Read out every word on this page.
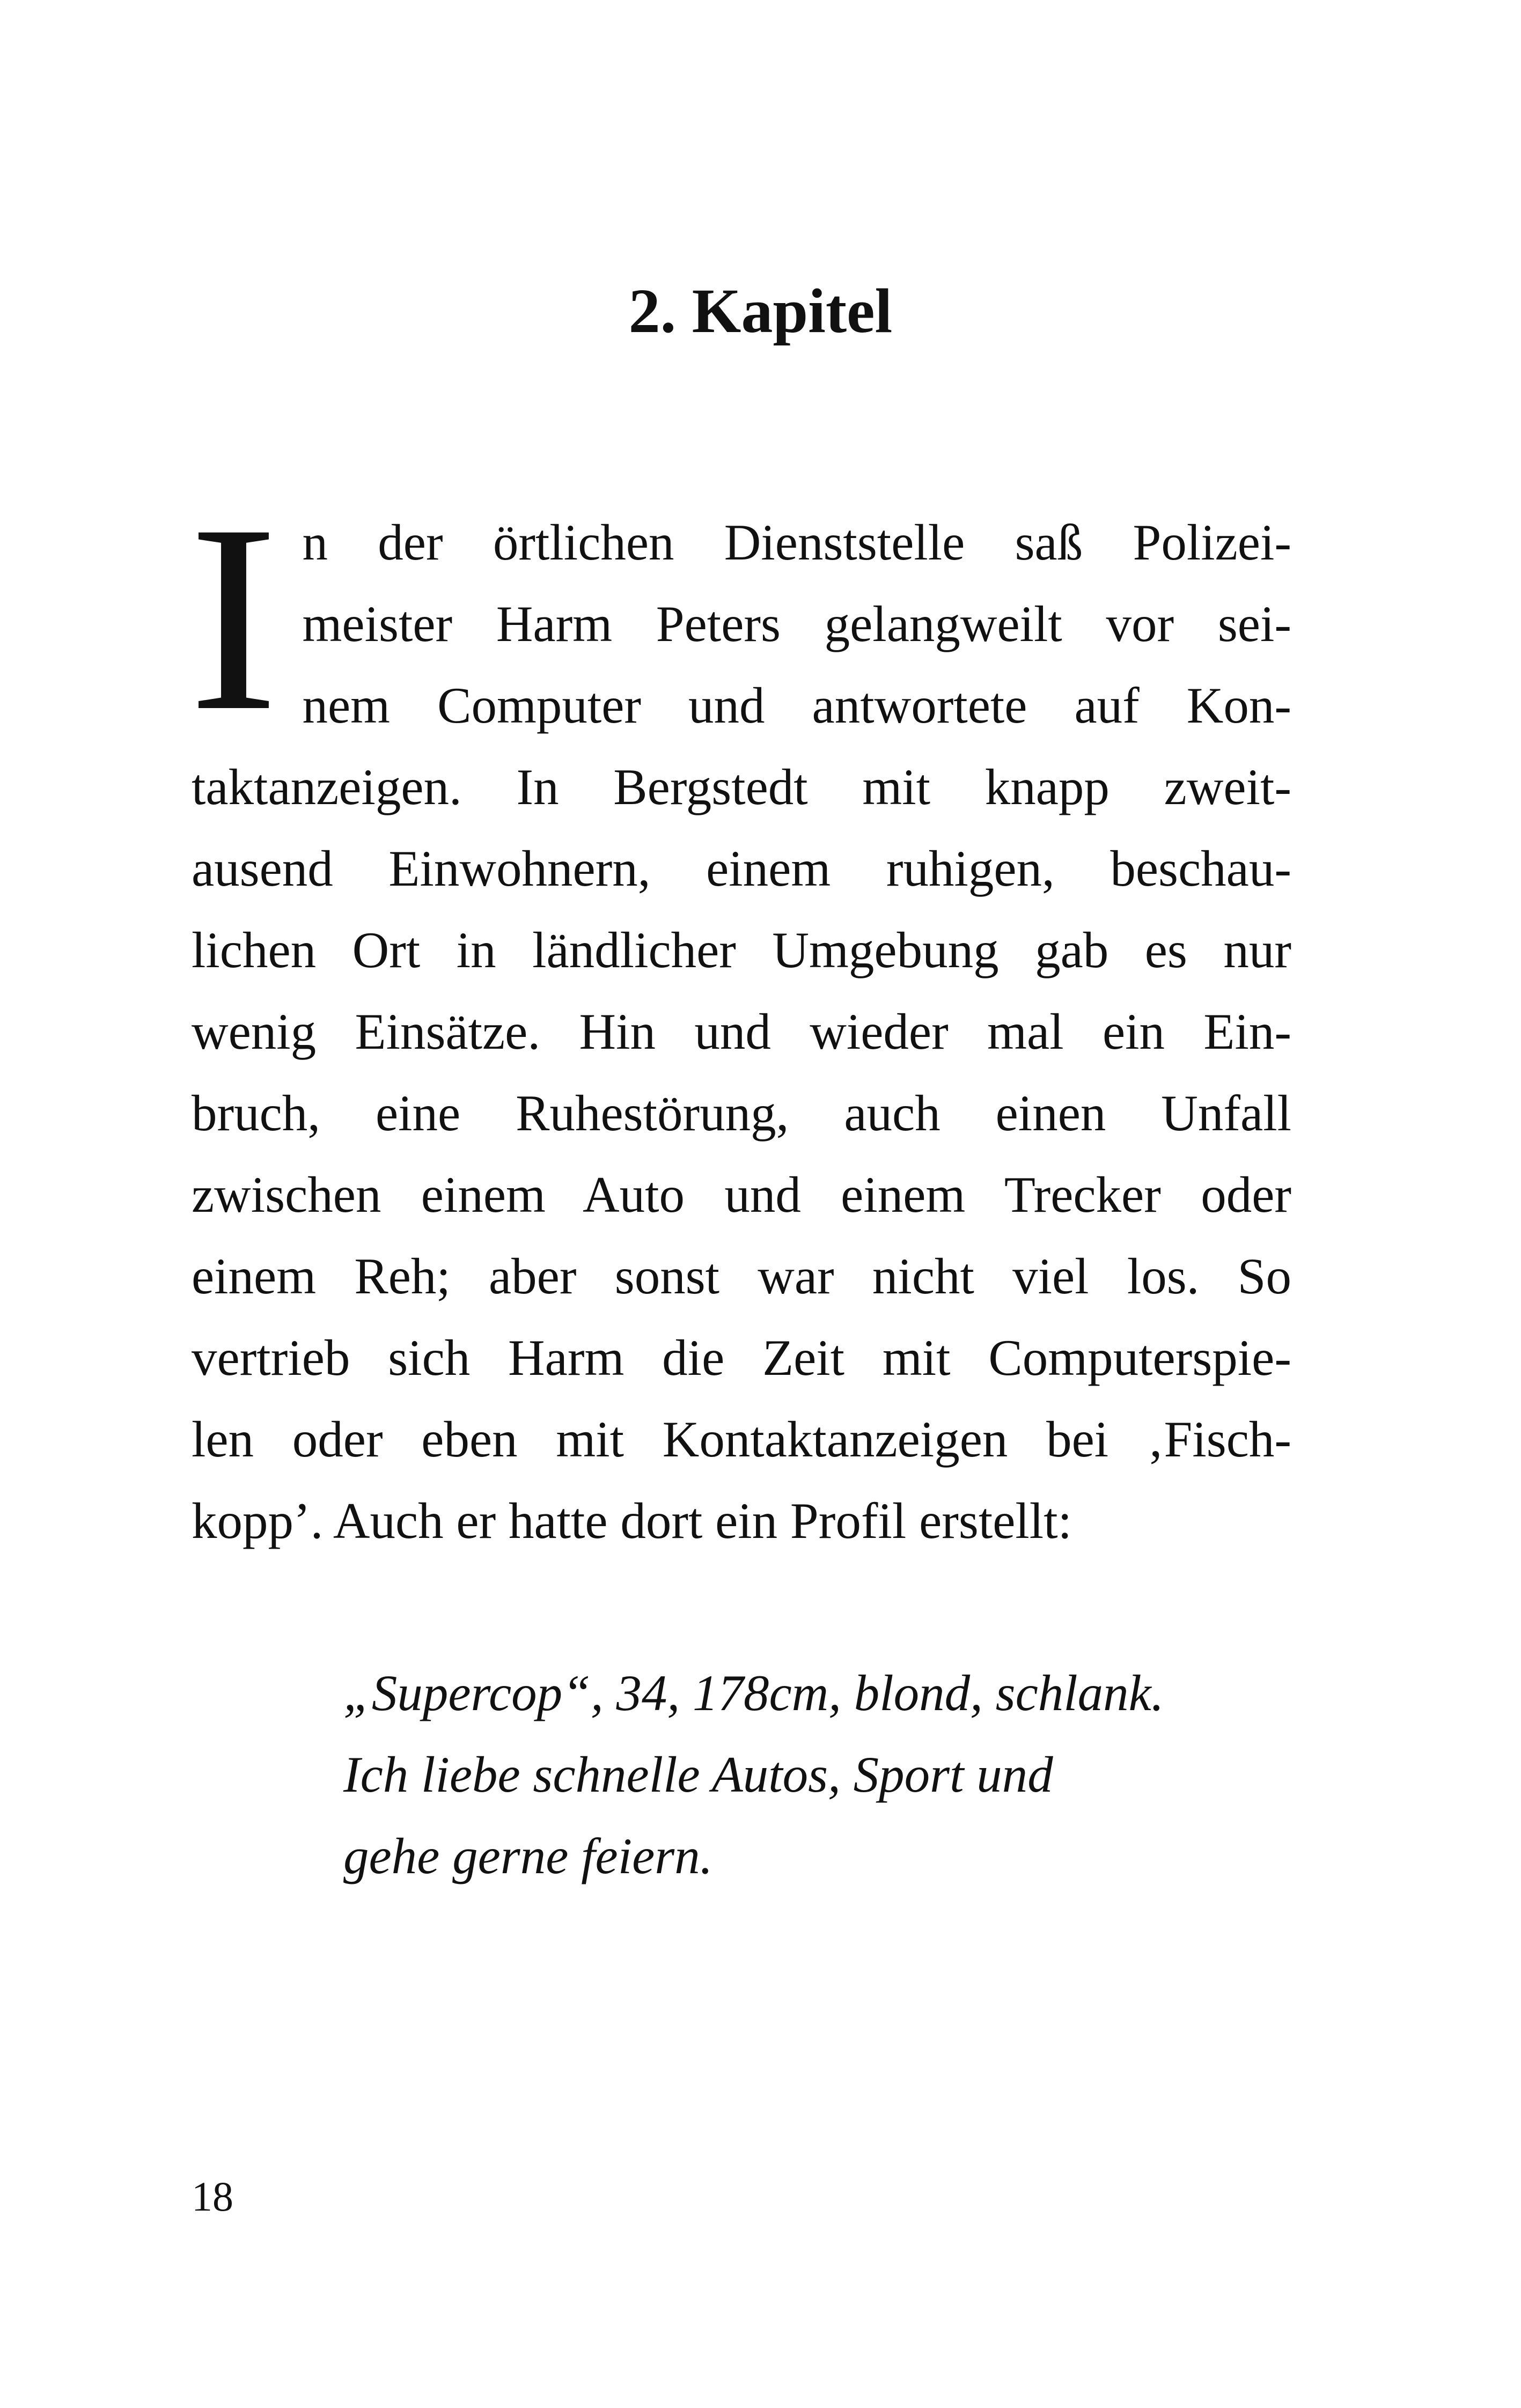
2. Kapitel
I n der örtlichen Dienststelle saß Polizei-
meister Harm Peters gelangweilt vor sei-
nem Computer und antwortete auf Kon-
taktanzeigen. In Bergstedt mit knapp zweit-
ausend Einwohnern, einem ruhigen, beschau-
lichen Ort in ländlicher Umgebung gab es nur
wenig Einsätze. Hin und wieder mal ein Ein-
bruch, eine Ruhestörung, auch einen Unfall
zwischen einem Auto und einem Trecker oder
einem Reh; aber sonst war nicht viel los. So
vertrieb sich Harm die Zeit mit Computerspie-
len oder eben mit Kontaktanzeigen bei ‚Fisch-
kopp’. Auch er hatte dort ein Profil erstellt:
„Supercop“, 34, 178cm, blond, schlank.
Ich liebe schnelle Autos, Sport und
gehe gerne feiern.
18
